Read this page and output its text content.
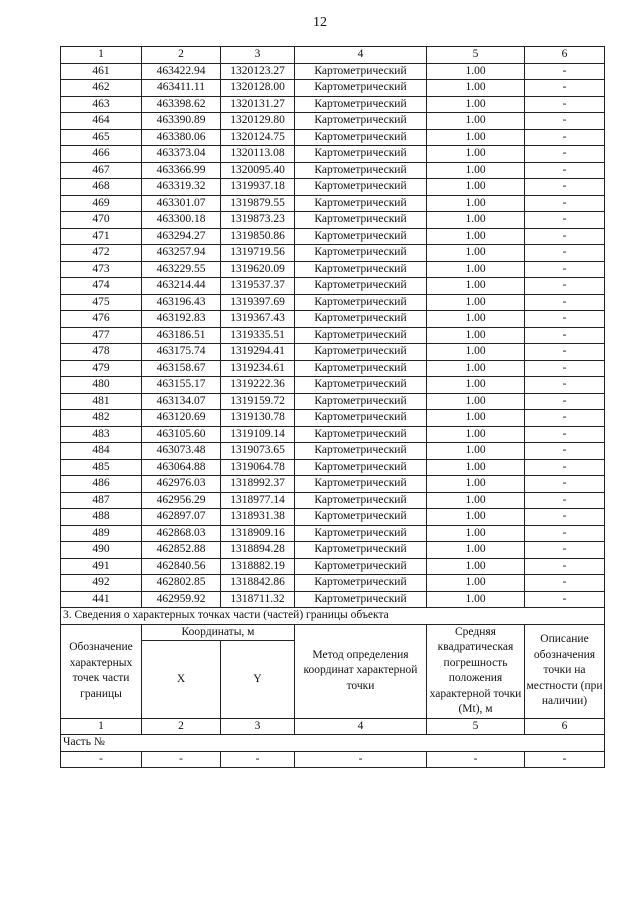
12
1	2	3	4	5	6
461	463422.94	1320123.27	Картометрический	1.00	-
462	463411.11	1320128.00	Картометрический	1.00	-
463	463398.62	1320131.27	Картометрический	1.00	-
464	463390.89	1320129.80	Картометрический	1.00	-
465	463380.06	1320124.75	Картометрический	1.00	-
466	463373.04	1320113.08	Картометрический	1.00	-
467	463366.99	1320095.40	Картометрический	1.00	-
468	463319.32	1319937.18	Картометрический	1.00	-
469	463301.07	1319879.55	Картометрический	1.00	-
470	463300.18	1319873.23	Картометрический	1.00	-
471	463294.27	1319850.86	Картометрический	1.00	-
472	463257.94	1319719.56	Картометрический	1.00	-
473	463229.55	1319620.09	Картометрический	1.00	-
474	463214.44	1319537.37	Картометрический	1.00	-
475	463196.43	1319397.69	Картометрический	1.00	-
476	463192.83	1319367.43	Картометрический	1.00	-
477	463186.51	1319335.51	Картометрический	1.00	-
478	463175.74	1319294.41	Картометрический	1.00	-
479	463158.67	1319234.61	Картометрический	1.00	-
480	463155.17	1319222.36	Картометрический	1.00	-
481	463134.07	1319159.72	Картометрический	1.00	-
482	463120.69	1319130.78	Картометрический	1.00	-
483	463105.60	1319109.14	Картометрический	1.00	-
484	463073.48	1319073.65	Картометрический	1.00	-
485	463064.88	1319064.78	Картометрический	1.00	-
486	462976.03	1318992.37	Картометрический	1.00	-
487	462956.29	1318977.14	Картометрический	1.00	-
488	462897.07	1318931.38	Картометрический	1.00	-
489	462868.03	1318909.16	Картометрический	1.00	-
490	462852.88	1318894.28	Картометрический	1.00	-
491	462840.56	1318882.19	Картометрический	1.00	-
492	462802.85	1318842.86	Картометрический	1.00	-
441	462959.92	1318711.32	Картометрический	1.00	-
3. Сведения о характерных точках части (частей) границы объекта					
Обозначение характерных точек части границы	Координаты, м		Метод определения координат характерной точки	Средняя квадратическая погрешность положения характерной точки (Mt), м	Описание обозначения точки на местности (при наличии)
	X	Y			
1	2	3	4	5	6
Часть №					
-	-	-	-	-	-
